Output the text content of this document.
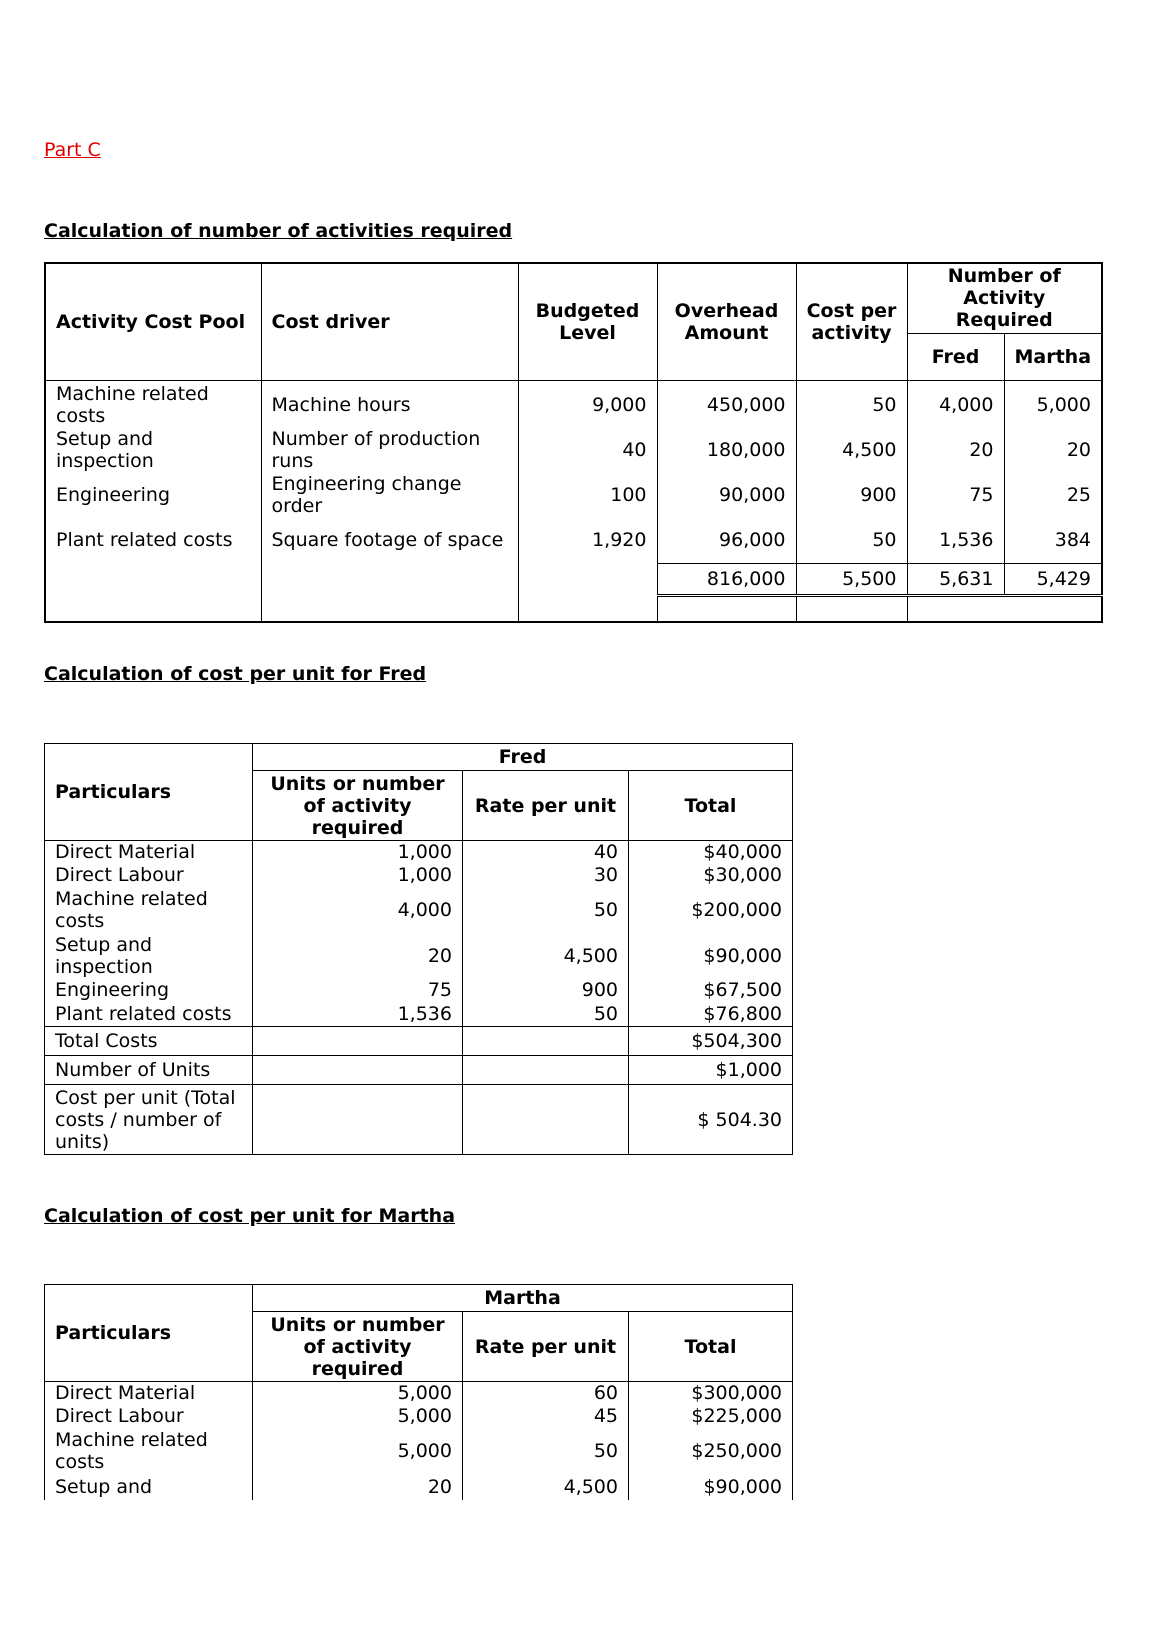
Part C
Calculation of number of activities required
Activity Cost Pool	Cost driver	Budgeted Level	Overhead Amount	Cost per activity	Number of Activity Required	
					Fred	Martha
Machine related costs	Machine hours	9,000	450,000	50	4,000	5,000
Setup and inspection	Number of production runs	40	180,000	4,500	20	20
Engineering	Engineering change order	100	90,000	900	75	25
Plant related costs	Square footage of space	1,920	96,000	50	1,536	384
			816,000	5,500	5,631	5,429

Calculation of cost per unit for Fred
Particulars	Fred		
	Units or number of activity required	Rate per unit	Total
Direct Material	1,000	40	$40,000
Direct Labour	1,000	30	$30,000
Machine related costs	4,000	50	$200,000
Setup and inspection	20	4,500	$90,000
Engineering	75	900	$67,500
Plant related costs	1,536	50	$76,800
Total Costs			$504,300
Number of Units			$1,000
Cost per unit (Total costs / number of units)			$ 504.30
Calculation of cost per unit for Martha
Particulars	Martha		
	Units or number of activity required	Rate per unit	Total
Direct Material	5,000	60	$300,000
Direct Labour	5,000	45	$225,000
Machine related costs	5,000	50	$250,000
Setup and	20	4,500	$90,000
